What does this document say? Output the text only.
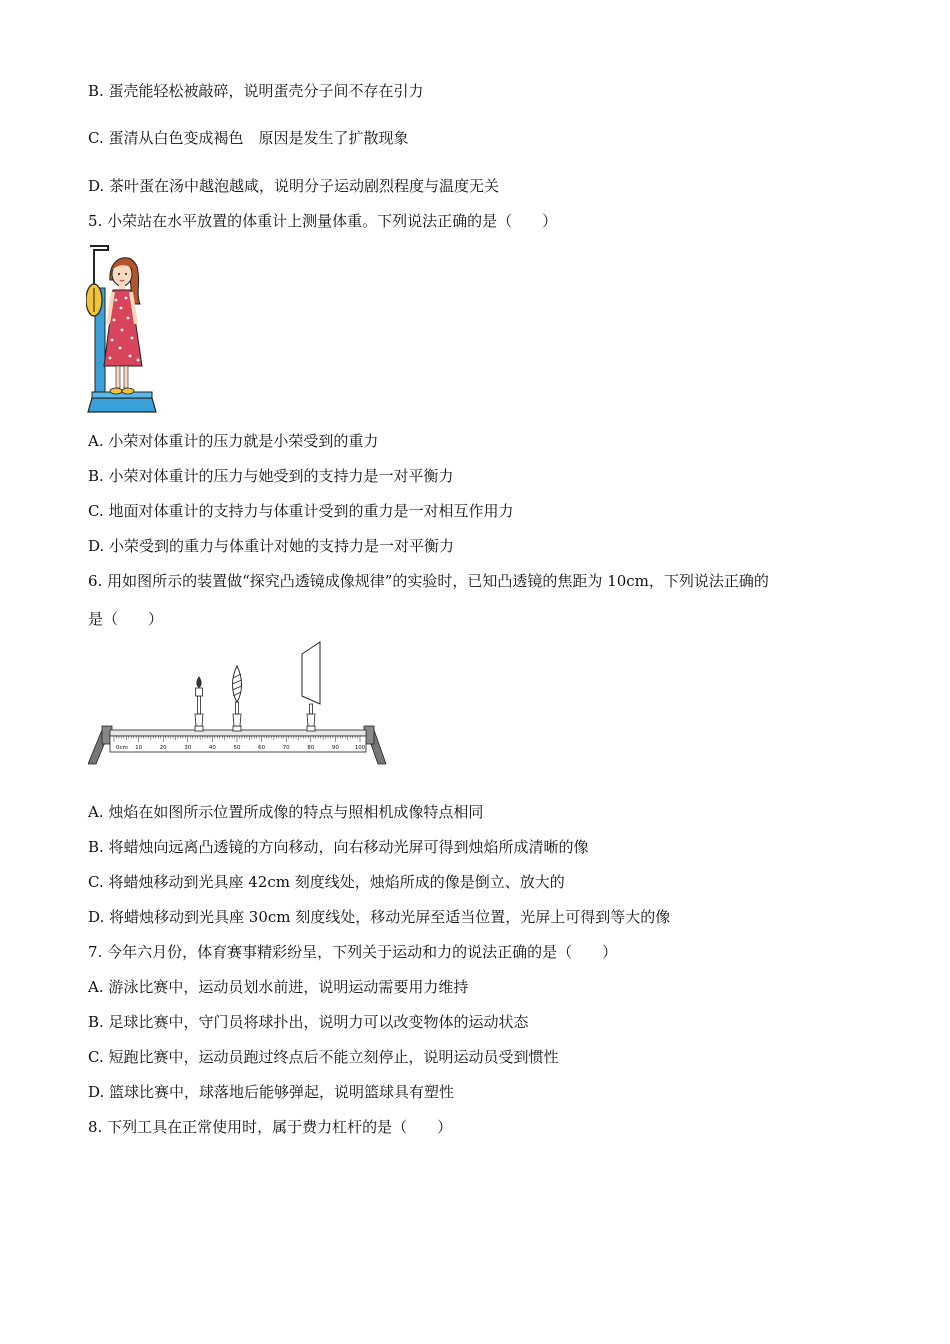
B. 蛋壳能轻松被敲碎，说明蛋壳分子间不存在引力
C. 蛋清从白色变成褐色　原因是发生了扩散现象
D. 茶叶蛋在汤中越泡越咸，说明分子运动剧烈程度与温度无关
5. 小荣站在水平放置的体重计上测量体重。下列说法正确的是（　　）
A. 小荣对体重计的压力就是小荣受到的重力
B. 小荣对体重计的压力与她受到的支持力是一对平衡力
C. 地面对体重计的支持力与体重计受到的重力是一对相互作用力
D. 小荣受到的重力与体重计对她的支持力是一对平衡力
6. 用如图所示的装置做“探究凸透镜成像规律”的实验时，已知凸透镜的焦距为 10cm，下列说法正确的
是（　　）
0cm 10	20	30	40	50	60	70	80	90	100
A. 烛焰在如图所示位置所成像的特点与照相机成像特点相同
B. 将蜡烛向远离凸透镜的方向移动，向右移动光屏可得到烛焰所成清晰的像
C. 将蜡烛移动到光具座 42cm 刻度线处，烛焰所成的像是倒立、放大的
D. 将蜡烛移动到光具座 30cm 刻度线处，移动光屏至适当位置，光屏上可得到等大的像
7. 今年六月份，体育赛事精彩纷呈，下列关于运动和力的说法正确的是（　　）
A. 游泳比赛中，运动员划水前进，说明运动需要用力维持
B. 足球比赛中，守门员将球扑出，说明力可以改变物体的运动状态
C. 短跑比赛中，运动员跑过终点后不能立刻停止，说明运动员受到惯性
D. 篮球比赛中，球落地后能够弹起，说明篮球具有塑性
8. 下列工具在正常使用时，属于费力杠杆的是（　　）
